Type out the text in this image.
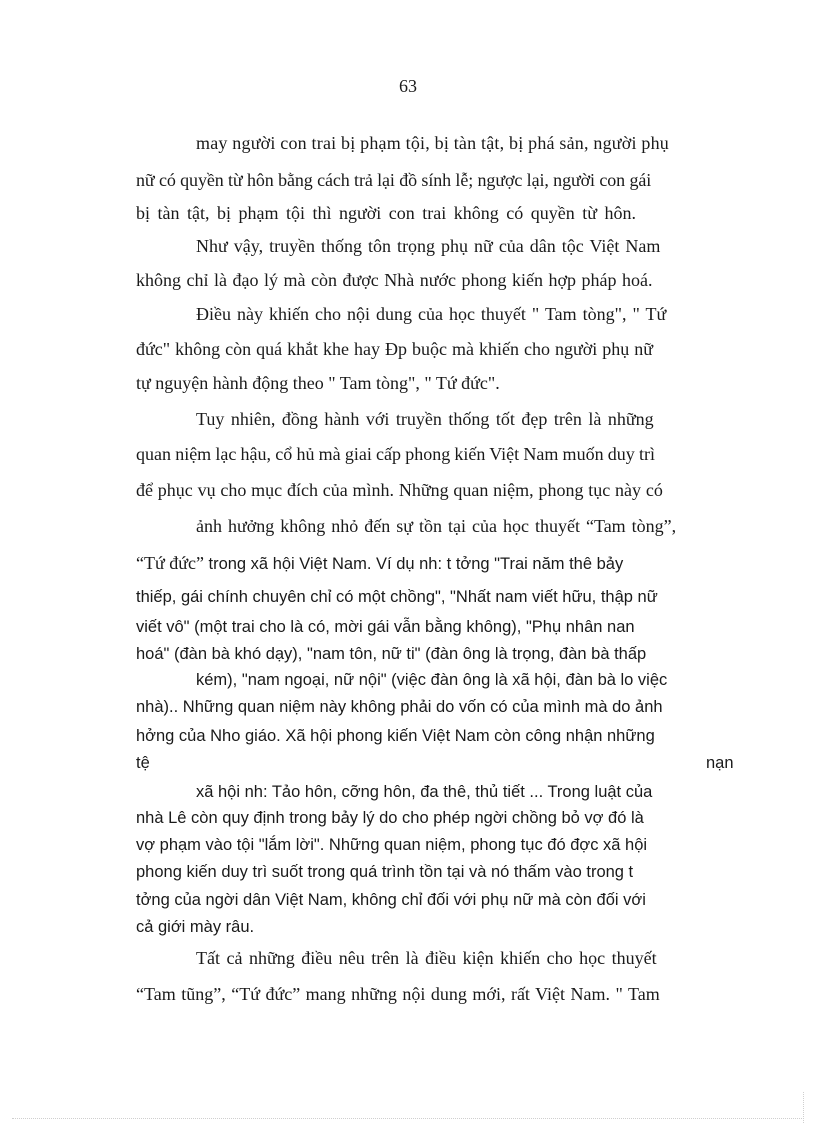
63
may người con trai bị phạm tội, bị tàn tật, bị phá sản, người phụ
nữ có quyền từ hôn bằng cách trả lại đồ sính lễ; ngược lại, người con gái
bị tàn tật, bị phạm tội thì người con trai không có quyền từ hôn.
Như vậy, truyền thống tôn trọng phụ nữ của dân tộc Việt Nam
không chỉ là đạo lý mà còn được Nhà nước phong kiến hợp pháp hoá.
Điều này khiến cho nội dung của học thuyết " Tam tòng", " Tứ
đức" không còn quá khắt khe hay Đp buộc mà khiến cho người phụ nữ
tự nguyện hành động theo " Tam tòng", " Tứ đức".
Tuy nhiên, đồng hành với truyền thống tốt đẹp trên là những
quan niệm lạc hậu, cổ hủ mà giai cấp phong kiến Việt Nam muốn duy trì
để phục vụ cho mục đích của mình. Những quan niệm, phong tục này có
ảnh hưởng không nhỏ đến sự tồn tại của học thuyết “Tam tòng”,
“Tứ đức” trong xã hội Việt Nam. Ví dụ nh: t tởng "Trai năm thê bảy
thiếp, gái chính chuyên chỉ có một chồng", "Nhất nam viết hữu, thập nữ
viết vô" (một trai cho là có, mời gái vẫn bằng không), "Phụ nhân nan
hoá" (đàn bà khó dạy), "nam tôn, nữ ti" (đàn ông là trọng, đàn bà thấp
kém), "nam ngoại, nữ nội" (việc đàn ông là xã hội, đàn bà lo việc
nhà).. Những quan niệm này không phải do vốn có của mình mà do ảnh
hởng của Nho giáo. Xã hội phong kiến Việt Nam còn công nhận những
tệ	nạn
xã hội nh: Tảo hôn, cỡng hôn, đa thê, thủ tiết ... Trong luật của
nhà Lê còn quy định trong bảy lý do cho phép ngời chồng bỏ vợ đó là
vợ phạm vào tội "lắm lời". Những quan niệm, phong tục đó đợc xã hội
phong kiến duy trì suốt trong quá trình tồn tại và nó thấm vào trong t
tởng của ngời dân Việt Nam, không chỉ đối với phụ nữ mà còn đối với
cả giới mày râu.
Tất cả những điều nêu trên là điều kiện khiến cho học thuyết
“Tam tũng”, “Tứ đức” mang những nội dung mới, rất Việt Nam. " Tam
